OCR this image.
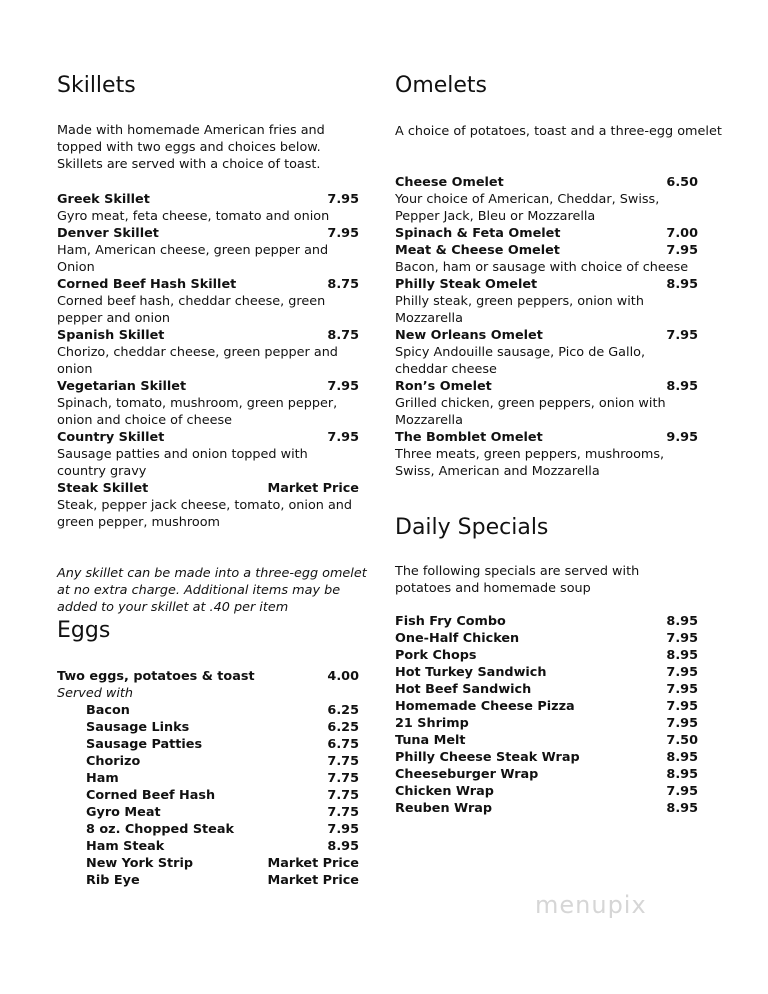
Skillets
Made with homemade American fries and topped with two eggs and choices below. Skillets are served with a choice of toast.
Greek Skillet	7.95
Gyro meat, feta cheese, tomato and onion
Denver Skillet	7.95
Ham, American cheese, green pepper and Onion
Corned Beef Hash Skillet	8.75
Corned beef hash, cheddar cheese, green pepper and onion
Spanish Skillet	8.75
Chorizo, cheddar cheese, green pepper and onion
Vegetarian Skillet	7.95
Spinach, tomato, mushroom, green pepper, onion and choice of cheese
Country Skillet	7.95
Sausage patties and onion topped with country gravy
Steak Skillet	Market Price
Steak, pepper jack cheese, tomato, onion and green pepper, mushroom
Any skillet can be made into a three-egg omelet at no extra charge. Additional items may be added to your skillet at .40 per item
Eggs
Two eggs, potatoes & toast	4.00
Served with
Bacon	6.25
Sausage Links	6.25
Sausage Patties	6.75
Chorizo	7.75
Ham	7.75
Corned Beef Hash	7.75
Gyro Meat	7.75
8 oz. Chopped Steak	7.95
Ham Steak	8.95
New York Strip	Market Price
Rib Eye	Market Price
Omelets
A choice of potatoes, toast and a three-egg omelet
Cheese Omelet	6.50
Your choice of American, Cheddar, Swiss, Pepper Jack, Bleu or Mozzarella
Spinach & Feta Omelet	7.00
Meat & Cheese Omelet	7.95
Bacon, ham or sausage with choice of cheese
Philly Steak Omelet	8.95
Philly steak, green peppers, onion with Mozzarella
New Orleans Omelet	7.95
Spicy Andouille sausage, Pico de Gallo, cheddar cheese
Ron’s Omelet	8.95
Grilled chicken, green peppers, onion with Mozzarella
The Bomblet Omelet	9.95
Three meats, green peppers, mushrooms, Swiss, American and Mozzarella
Daily Specials
The following specials are served with potatoes and homemade soup
Fish Fry Combo	8.95
One-Half Chicken	7.95
Pork Chops	8.95
Hot Turkey Sandwich	7.95
Hot Beef Sandwich	7.95
Homemade Cheese Pizza	7.95
21 Shrimp	7.95
Tuna Melt	7.50
Philly Cheese Steak Wrap	8.95
Cheeseburger Wrap	8.95
Chicken Wrap	7.95
Reuben Wrap	8.95
menupix
